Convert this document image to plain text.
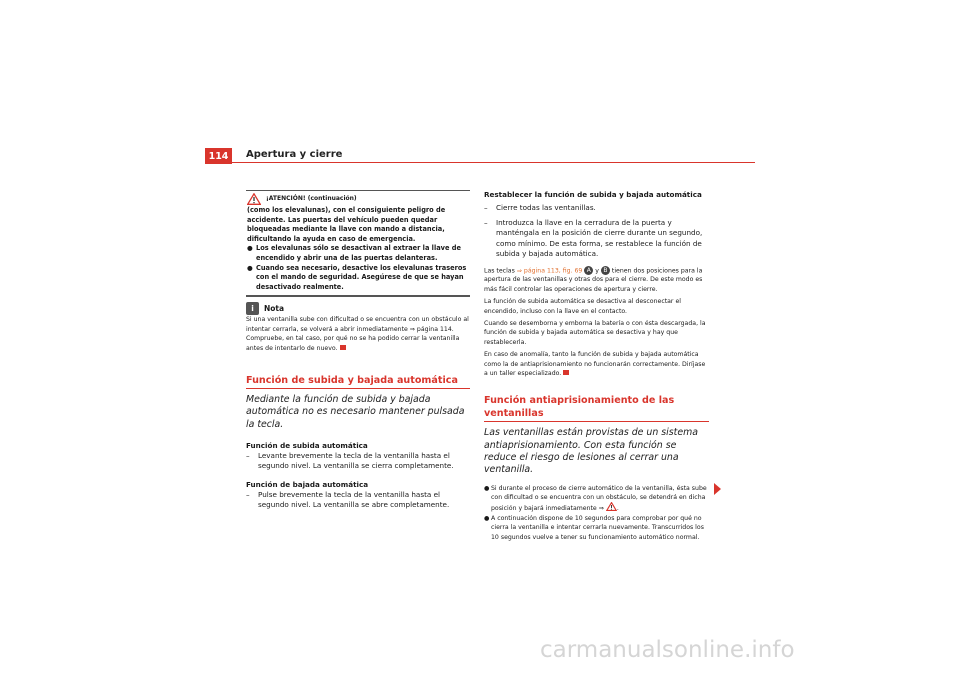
114	Apertura y cierre
¡ATENCIÓN! (continuación)

(como los elevalunas), con el consiguiente peligro de accidente. Las puertas del vehículo pueden quedar bloqueadas mediante la llave con mando a distancia, dificultando la ayuda en caso de emergencia.

● Los elevalunas sólo se desactivan al extraer la llave de encendido y abrir una de las puertas delanteras.
● Cuando sea necesario, desactive los elevalunas traseros con el mando de seguridad. Asegúrese de que se hayan desactivado realmente.
i	Nota

Si una ventanilla sube con dificultad o se encuentra con un obstáculo al intentar cerrarla, se volverá a abrir inmediatamente ⇒ página 114. Compruebe, en tal caso, por qué no se ha podido cerrar la ventanilla antes de intentarlo de nuevo.

Función de subida y bajada automática

Mediante la función de subida y bajada automática no es necesario mantener pulsada la tecla.

Función de subida automática

–	Levante brevemente la tecla de la ventanilla hasta el segundo nivel. La ventanilla se cierra completamente.

Función de bajada automática

–	Pulse brevemente la tecla de la ventanilla hasta el segundo nivel. La ventanilla se abre completamente.

Restablecer la función de subida y bajada automática

–	Cierre todas las ventanillas.
–	Introduzca la llave en la cerradura de la puerta y manténgala en la posición de cierre durante un segundo, como mínimo. De esta forma, se restablece la función de subida y bajada automática.

Las teclas ⇒ página 113, fig. 69 A y B tienen dos posiciones para la apertura de las ventanillas y otras dos para el cierre. De este modo es más fácil controlar las operaciones de apertura y cierre.

La función de subida automática se desactiva al desconectar el encendido, incluso con la llave en el contacto.

Cuando se desemborna y emborna la batería o con ésta descargada, la función de subida y bajada automática se desactiva y hay que restablecerla.

En caso de anomalía, tanto la función de subida y bajada automática como la de antiaprisionamiento no funcionarán correctamente. Diríjase a un taller especializado.

Función antiaprisionamiento de las ventanillas

Las ventanillas están provistas de un sistema antiaprisionamiento. Con esta función se reduce el riesgo de lesiones al cerrar una ventanilla.

● Si durante el proceso de cierre automático de la ventanilla, ésta sube con dificultad o se encuentra con un obstáculo, se detendrá en dicha posición y bajará inmediatamente ⇒ .
● A continuación dispone de 10 segundos para comprobar por qué no cierra la ventanilla e intentar cerrarla nuevamente. Transcurridos los 10 segundos vuelve a tener su funcionamiento automático normal.
carmanualsonline.info
